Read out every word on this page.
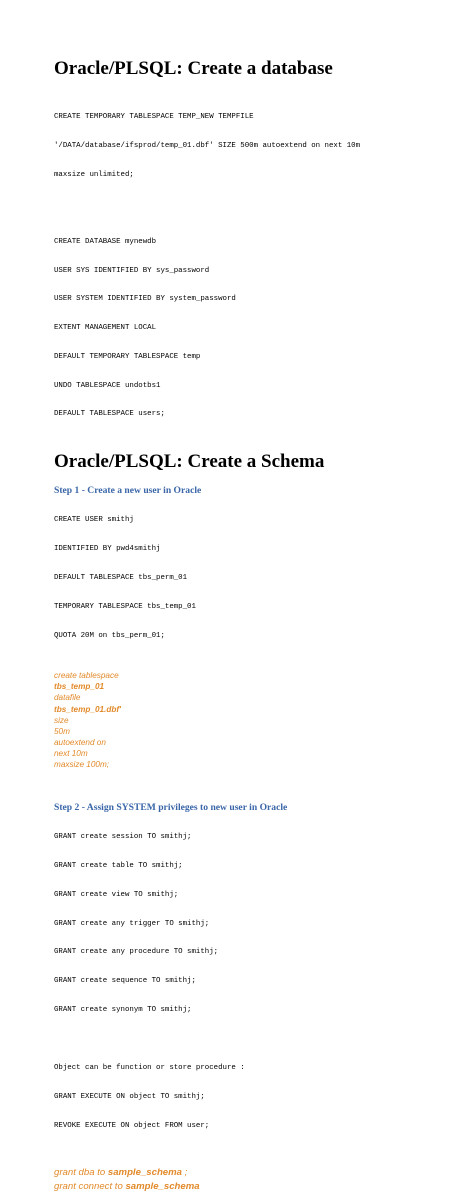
Oracle/PLSQL: Create a database

CREATE TEMPORARY TABLESPACE TEMP_NEW TEMPFILE

'/DATA/database/ifsprod/temp_01.dbf' SIZE 500m autoextend on next 10m

maxsize unlimited;

CREATE DATABASE mynewdb

USER SYS IDENTIFIED BY sys_password

USER SYSTEM IDENTIFIED BY system_password

EXTENT MANAGEMENT LOCAL

DEFAULT TEMPORARY TABLESPACE temp

UNDO TABLESPACE undotbs1

DEFAULT TABLESPACE users;

Oracle/PLSQL: Create a Schema
Step 1 - Create a new user in Oracle

CREATE USER smithj

IDENTIFIED BY pwd4smithj

DEFAULT TABLESPACE tbs_perm_01

TEMPORARY TABLESPACE tbs_temp_01

QUOTA 20M on tbs_perm_01;

create tablespace
tbs_temp_01
datafile
tbs_temp_01.dbf'
size
50m
autoextend on
next 10m
maxsize 100m;
Step 2 - Assign SYSTEM privileges to new user in Oracle

GRANT create session TO smithj;

GRANT create table TO smithj;

GRANT create view TO smithj;

GRANT create any trigger TO smithj;

GRANT create any procedure TO smithj;

GRANT create sequence TO smithj;

GRANT create synonym TO smithj;

Object can be function or store procedure :

GRANT EXECUTE ON object TO smithj;

REVOKE EXECUTE ON object FROM user;

grant dba to sample_schema ;
grant connect to sample_schema
